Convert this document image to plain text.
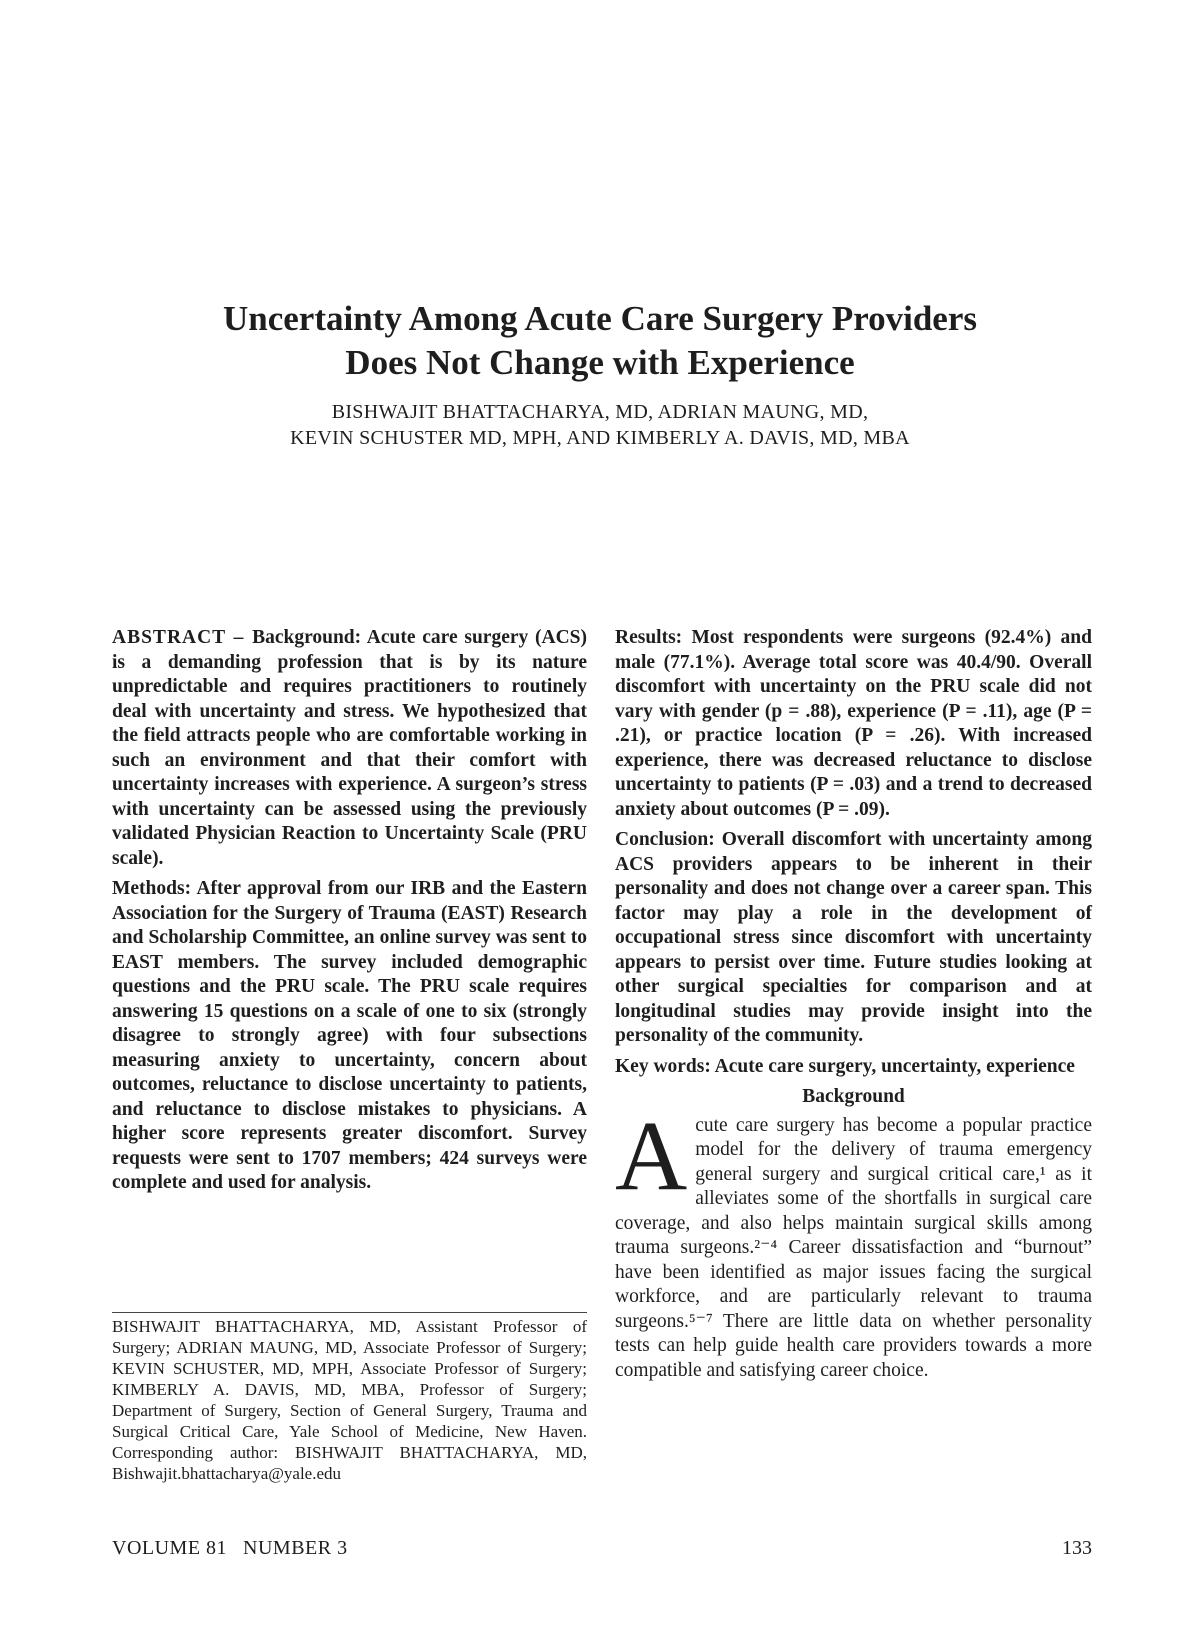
Uncertainty Among Acute Care Surgery Providers
Does Not Change with Experience
BISHWAJIT BHATTACHARYA, MD, ADRIAN MAUNG, MD,
KEVIN SCHUSTER MD, MPH, AND KIMBERLY A. DAVIS, MD, MBA

ABSTRACT – Background: Acute care surgery (ACS) is a demanding profession that is by its nature unpredictable and requires practitioners to routinely deal with uncertainty and stress. We hypothesized that the field attracts people who are comfortable working in such an environment and that their comfort with uncertainty increases with experience. A surgeon’s stress with uncertainty can be assessed using the previously validated Physician Reaction to Uncertainty Scale (PRU scale).

Methods: After approval from our IRB and the Eastern Association for the Surgery of Trauma (EAST) Research and Scholarship Committee, an online survey was sent to EAST members. The survey included demographic questions and the PRU scale. The PRU scale requires answering 15 questions on a scale of one to six (strongly disagree to strongly agree) with four subsections measuring anxiety to uncertainty, concern about outcomes, reluctance to disclose uncertainty to patients, and reluctance to disclose mistakes to physicians. A higher score represents greater discomfort. Survey requests were sent to 1707 members; 424 surveys were complete and used for analysis.

Results: Most respondents were surgeons (92.4%) and male (77.1%). Average total score was 40.4/90. Overall discomfort with uncertainty on the PRU scale did not vary with gender (p = .88), experience (P = .11), age (P = .21), or practice location (P = .26). With increased experience, there was decreased reluctance to disclose uncertainty to patients (P = .03) and a trend to decreased anxiety about outcomes (P = .09).

Conclusion: Overall discomfort with uncertainty among ACS providers appears to be inherent in their personality and does not change over a career span. This factor may play a role in the development of occupational stress since discomfort with uncertainty appears to persist over time. Future studies looking at other surgical specialties for comparison and at longitudinal studies may provide insight into the personality of the community.

Key words: Acute care surgery, uncertainty, experience

Background

Acute care surgery has become a popular practice model for the delivery of trauma emergency general surgery and surgical critical care,¹ as it alleviates some of the shortfalls in surgical care coverage, and also helps maintain surgical skills among trauma surgeons.²⁻⁴ Career dissatisfaction and “burnout” have been identified as major issues facing the surgical workforce, and are particularly relevant to trauma surgeons.⁵⁻⁷ There are little data on whether personality tests can help guide health care providers towards a more compatible and satisfying career choice.

BISHWAJIT BHATTACHARYA, MD, Assistant Professor of Surgery; ADRIAN MAUNG, MD, Associate Professor of Surgery; KEVIN SCHUSTER, MD, MPH, Associate Professor of Surgery; KIMBERLY A. DAVIS, MD, MBA, Professor of Surgery; Department of Surgery, Section of General Surgery, Trauma and Surgical Critical Care, Yale School of Medicine, New Haven. Corresponding author: BISHWAJIT BHATTACHARYA, MD, Bishwajit.bhattacharya@yale.edu
VOLUME 81 NUMBER 3	133
